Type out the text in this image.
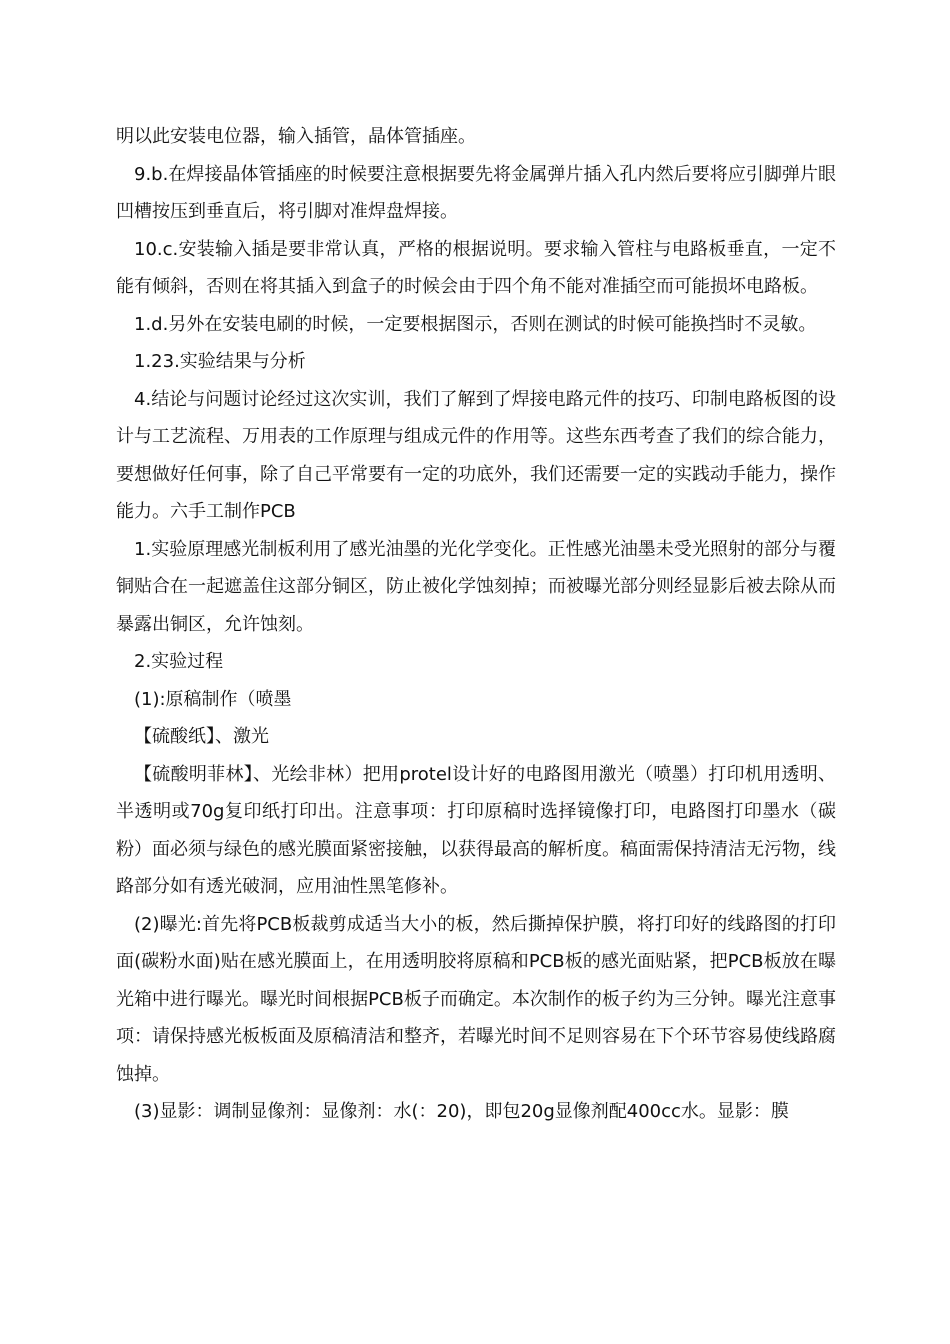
明以此安装电位器，输入插管，晶体管插座。

9.b.在焊接晶体管插座的时候要注意根据要先将金属弹片插入孔内然后要将应引脚弹片眼凹槽按压到垂直后，将引脚对准焊盘焊接。

10.c.安装输入插是要非常认真，严格的根据说明。要求输入管柱与电路板垂直，一定不能有倾斜，否则在将其插入到盒子的时候会由于四个角不能对准插空而可能损坏电路板。

1.d.另外在安装电刷的时候，一定要根据图示，否则在测试的时候可能换挡时不灵敏。

1.23.实验结果与分析

4.结论与问题讨论经过这次实训，我们了解到了焊接电路元件的技巧、印制电路板图的设计与工艺流程、万用表的工作原理与组成元件的作用等。这些东西考查了我们的综合能力，要想做好任何事，除了自己平常要有一定的功底外，我们还需要一定的实践动手能力，操作能力。六手工制作PCB

1.实验原理感光制板利用了感光油墨的光化学变化。正性感光油墨未受光照射的部分与覆铜贴合在一起遮盖住这部分铜区，防止被化学蚀刻掉；而被曝光部分则经显影后被去除从而暴露出铜区，允许蚀刻。

2.实验过程

(1):原稿制作（喷墨

【硫酸纸】、激光

【硫酸明菲林】、光绘非林）把用protel设计好的电路图用激光（喷墨）打印机用透明、半透明或70g复印纸打印出。注意事项：打印原稿时选择镜像打印，电路图打印墨水（碳粉）面必须与绿色的感光膜面紧密接触，以获得最高的解析度。稿面需保持清洁无污物，线路部分如有透光破洞，应用油性黑笔修补。

(2)曝光:首先将PCB板裁剪成适当大小的板，然后撕掉保护膜，将打印好的线路图的打印面(碳粉水面)贴在感光膜面上，在用透明胶将原稿和PCB板的感光面贴紧，把PCB板放在曝光箱中进行曝光。曝光时间根据PCB板子而确定。本次制作的板子约为三分钟。曝光注意事项：请保持感光板板面及原稿清洁和整齐，若曝光时间不足则容易在下个环节容易使线路腐蚀掉。

(3)显影：调制显像剂：显像剂：水(：20)，即包20g显像剂配400cc水。显影：膜
